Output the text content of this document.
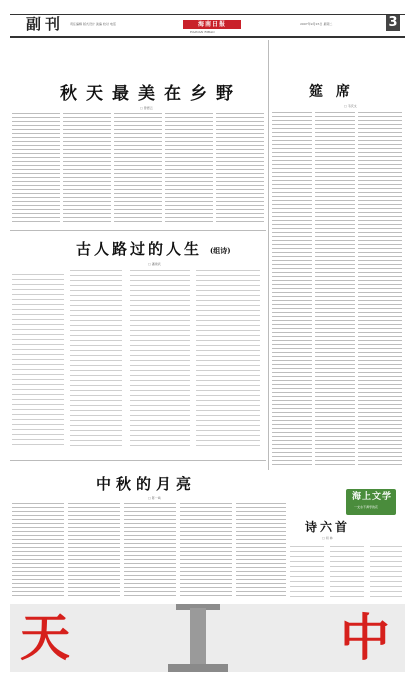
副刊 责任编辑 版式设计 美编 校对 电话	海南日报
HAINAN RIBAO
2007年9月25日 星期二	3
秋天最美在乡野
□ 曾德云
筵 席
□ 韦庆文
古人路过的人生 (组诗)
□ 潘建武
中秋的月亮
□ 陈一鸣	海上文学
一支永不凋零的花
诗六首
□ 何 林
天	中
